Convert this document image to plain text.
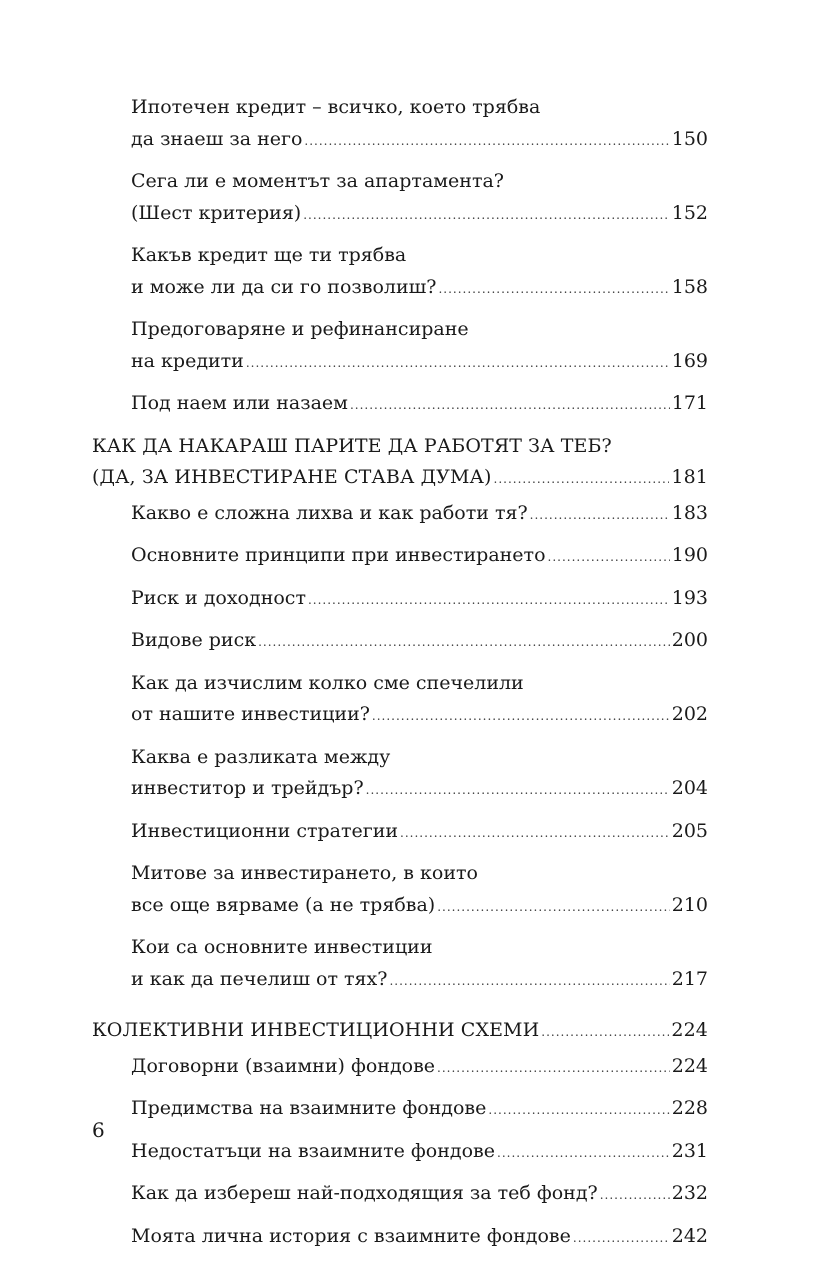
Ипотечен кредит – всичко, което трябва
да знаеш за него .....	150
Сега ли е моментът за апартамента?
(Шест критерия) .....	152
Какъв кредит ще ти трябва
и може ли да си го позволиш? .....	158
Предоговаряне и рефинансиране
на кредити .....	169
Под наем или назаем .....	171
КАК ДА НАКАРАШ ПАРИТЕ ДА РАБОТЯТ ЗА ТЕБ?
(ДА, ЗА ИНВЕСТИРАНЕ СТАВА ДУМА) .....	181
Какво е сложна лихва и как работи тя? .....	183
Основните принципи при инвестирането .....	190
Риск и доходност .....	193
Видове риск .....	200
Как да изчислим колко сме спечелили
от нашите инвестиции? .....	202
Каква е разликата между
инвеститор и трейдър? .....	204
Инвестиционни стратегии .....	205
Митове за инвестирането, в които
все още вярваме (а не трябва) .....	210
Кои са основните инвестиции
и как да печелиш от тях? .....	217
КОЛЕКТИВНИ ИНВЕСТИЦИОННИ СХЕМИ .....	224
Договорни (взаимни) фондове .....	224
Предимства на взаимните фондове .....	228
Недостатъци на взаимните фондове .....	231
Как да избереш най-подходящия за теб фонд? .....	232
Моята лична история с взаимните фондове .....	242
6
